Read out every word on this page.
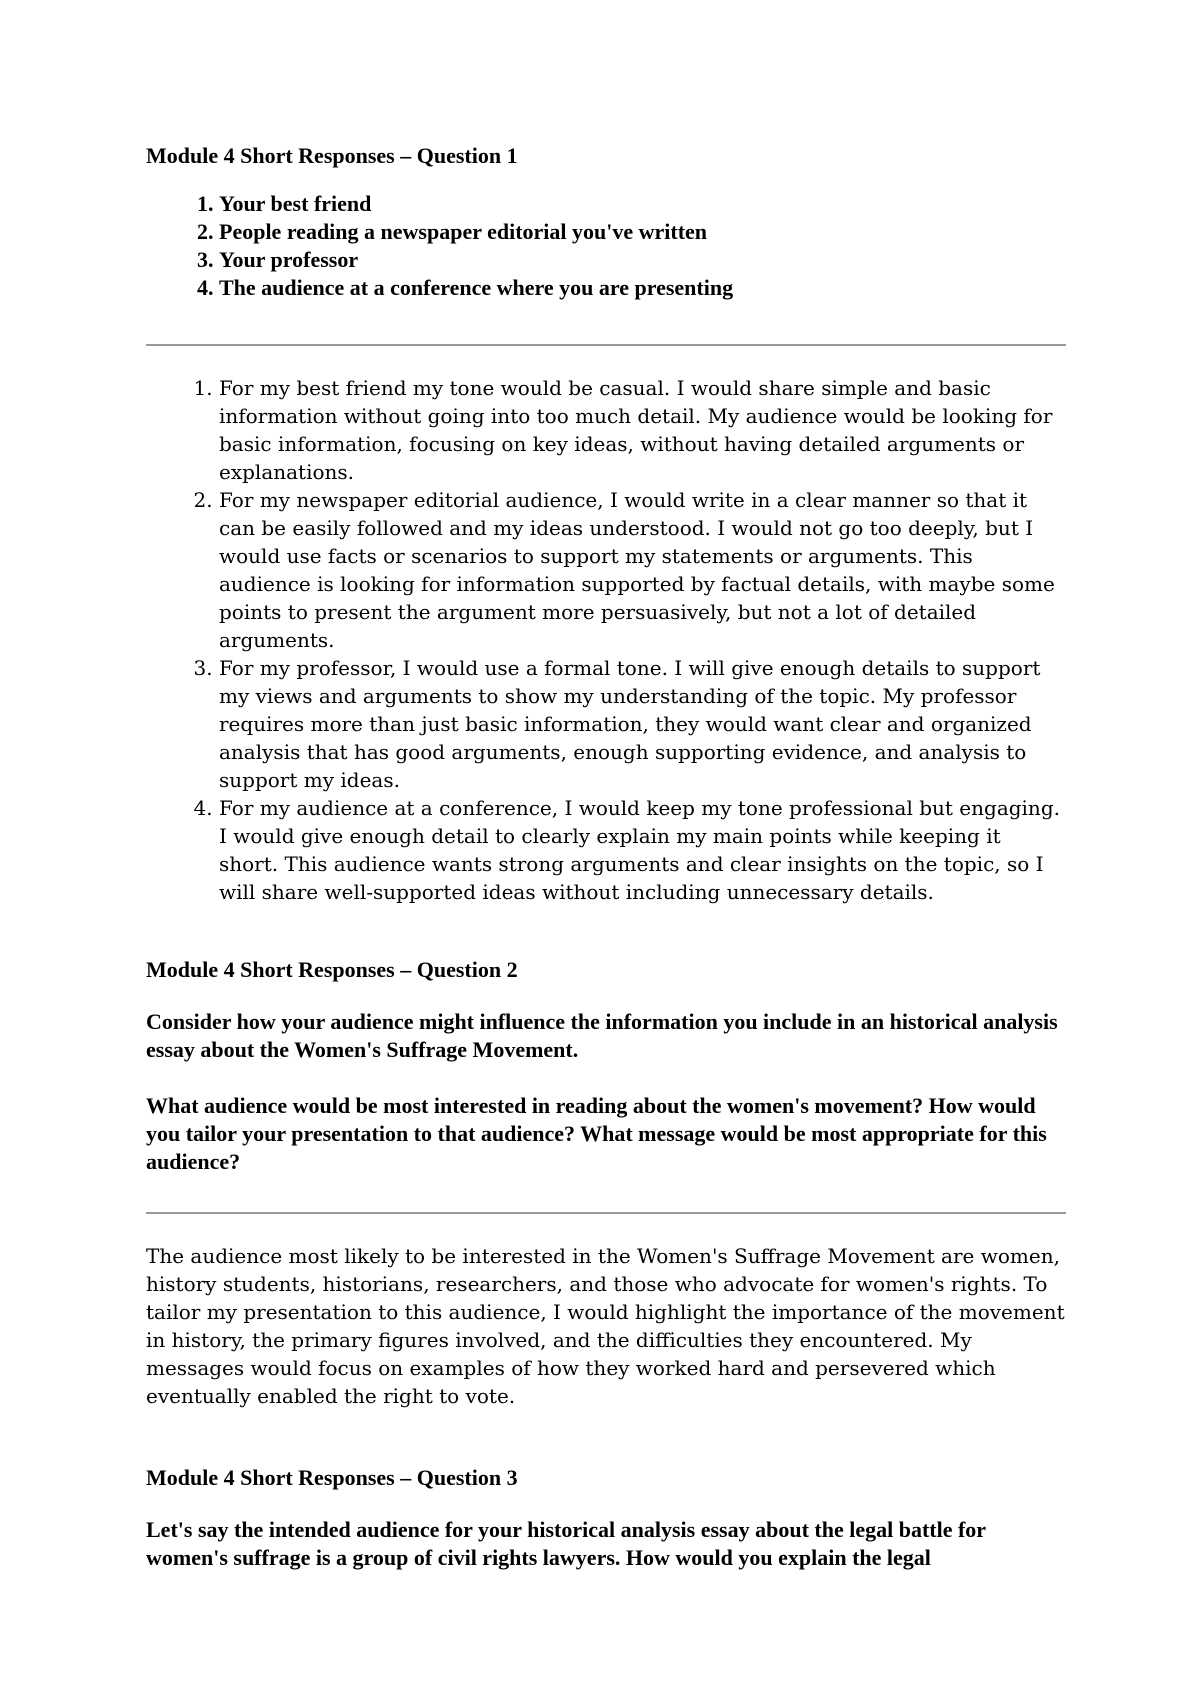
Module 4 Short Responses – Question 1

1. Your best friend
2. People reading a newspaper editorial you've written
3. Your professor
4. The audience at a conference where you are presenting
1. For my best friend my tone would be casual. I would share simple and basic information without going into too much detail. My audience would be looking for basic information, focusing on key ideas, without having detailed arguments or explanations.
2. For my newspaper editorial audience, I would write in a clear manner so that it can be easily followed and my ideas understood. I would not go too deeply, but I would use facts or scenarios to support my statements or arguments. This audience is looking for information supported by factual details, with maybe some points to present the argument more persuasively, but not a lot of detailed arguments.
3. For my professor, I would use a formal tone. I will give enough details to support my views and arguments to show my understanding of the topic. My professor requires more than just basic information, they would want clear and organized analysis that has good arguments, enough supporting evidence, and analysis to support my ideas.
4. For my audience at a conference, I would keep my tone professional but engaging. I would give enough detail to clearly explain my main points while keeping it short. This audience wants strong arguments and clear insights on the topic, so I will share well-supported ideas without including unnecessary details.

Module 4 Short Responses – Question 2

Consider how your audience might influence the information you include in an historical analysis essay about the Women's Suffrage Movement.

What audience would be most interested in reading about the women's movement? How would you tailor your presentation to that audience? What message would be most appropriate for this audience?

The audience most likely to be interested in the Women's Suffrage Movement are women, history students, historians, researchers, and those who advocate for women's rights. To tailor my presentation to this audience, I would highlight the importance of the movement in history, the primary figures involved, and the difficulties they encountered. My messages would focus on examples of how they worked hard and persevered which eventually enabled the right to vote.

Module 4 Short Responses – Question 3

Let's say the intended audience for your historical analysis essay about the legal battle for women's suffrage is a group of civil rights lawyers. How would you explain the legal
